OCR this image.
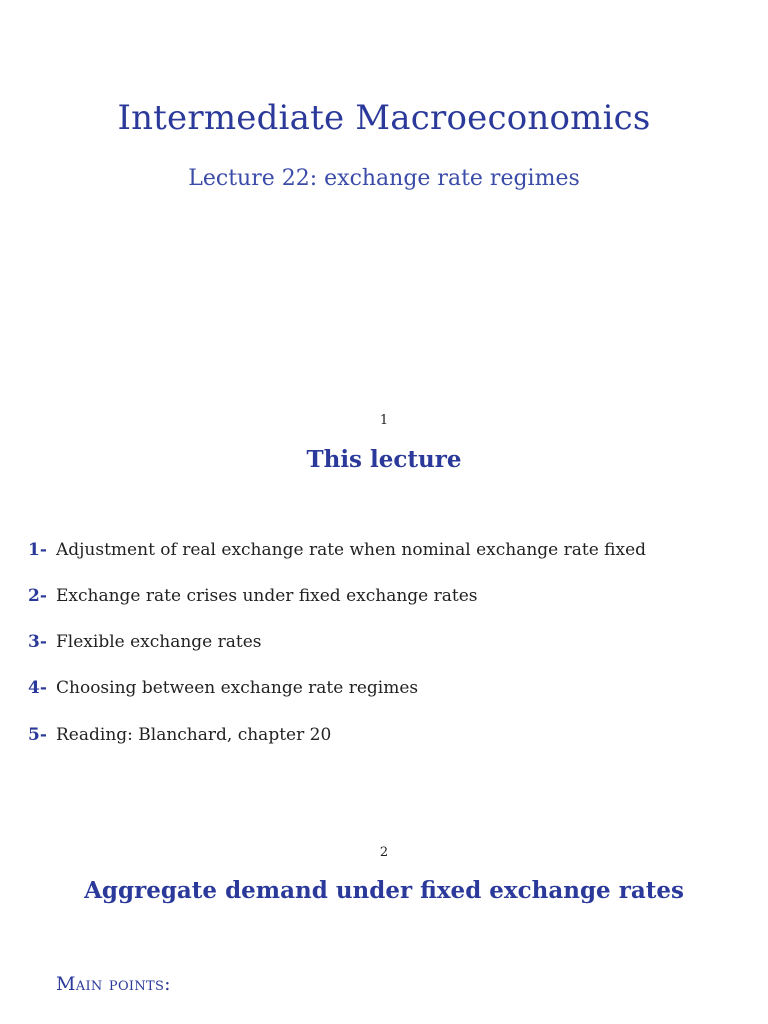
Intermediate Macroeconomics
Lecture 22: exchange rate regimes
1
This lecture
1- Adjustment of real exchange rate when nominal exchange rate fixed
2- Exchange rate crises under fixed exchange rates
3- Flexible exchange rates
4- Choosing between exchange rate regimes
5- Reading: Blanchard, chapter 20
2
Aggregate demand under fixed exchange rates
Main points:
